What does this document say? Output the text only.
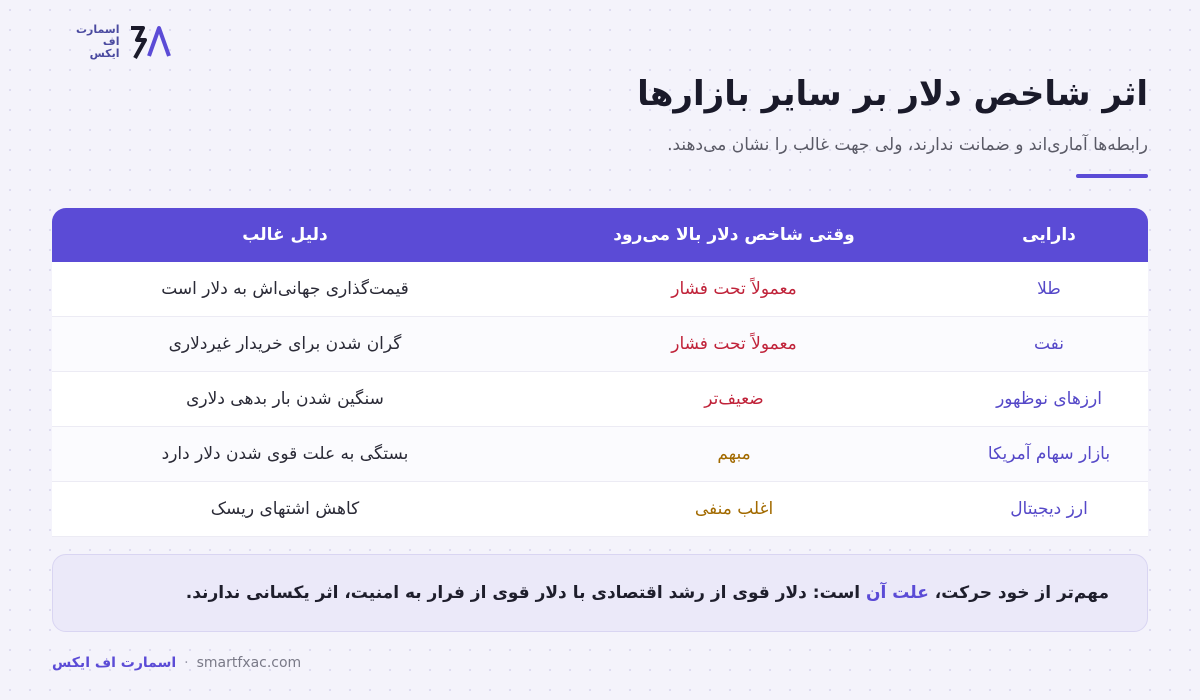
اسمارت
اف
ایکس
اثر شاخص دلار بر سایر بازارها

رابطه‌ها آماری‌اند و ضمانت ندارند، ولی جهت غالب را نشان می‌دهند.

دارایی
وقتی شاخص دلار بالا می‌رود
دلیل غالب
طلا
معمولاً تحت فشار
قیمت‌گذاری جهانی‌اش به دلار است
نفت
معمولاً تحت فشار
گران شدن برای خریدار غیردلاری
ارزهای نوظهور
ضعیف‌تر
سنگین شدن بار بدهی دلاری
بازار سهام آمریکا
مبهم
بستگی به علت قوی شدن دلار دارد
ارز دیجیتال
اغلب منفی
کاهش اشتهای ریسک

مهم‌تر از خود حرکت، علت آن است: دلار قوی از رشد اقتصادی با دلار قوی از فرار به امنیت، اثر یکسانی ندارند.

اسمارت اف ایکس · smartfxac.com
